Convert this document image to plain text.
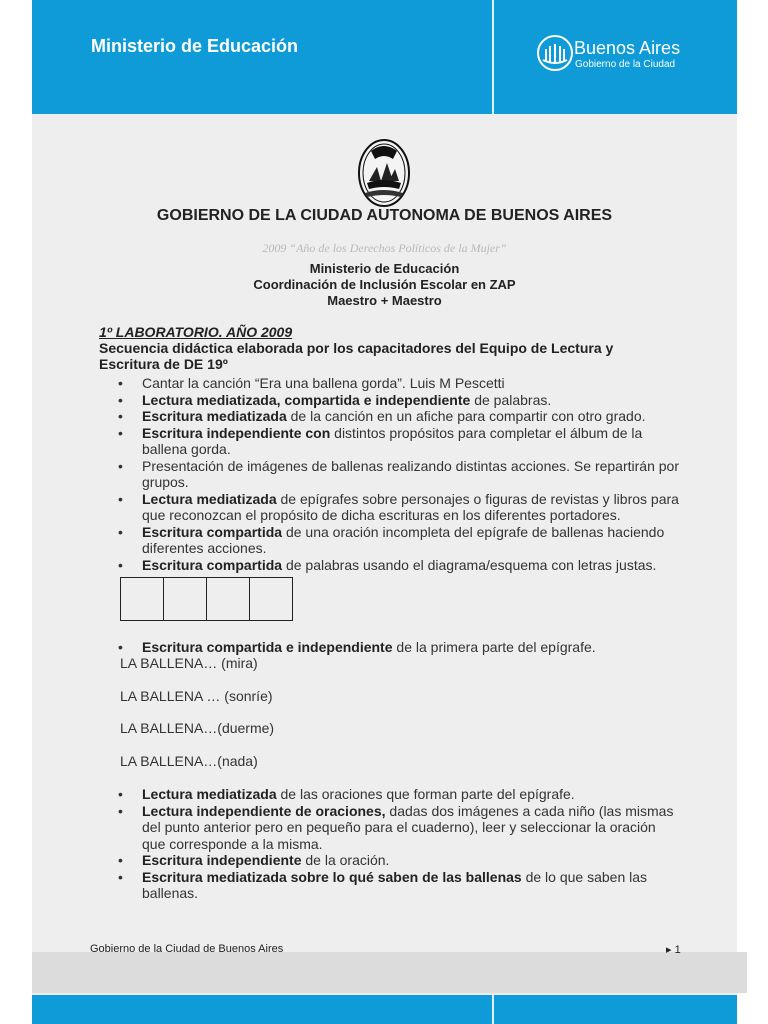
Ministerio de Educación	Buenos Aires
Gobierno de la Ciudad
GOBIERNO DE LA CIUDAD AUTONOMA DE BUENOS AIRES
2009 “Año de los Derechos Políticos de la Mujer”
Ministerio de Educación
Coordinación de Inclusión Escolar en ZAP
Maestro + Maestro
1º LABORATORIO. AÑO 2009
Secuencia didáctica elaborada por los capacitadores del Equipo de Lectura y Escritura de DE 19º
• Cantar la canción “Era una ballena gorda”. Luis M Pescetti
• Lectura mediatizada, compartida e independiente de palabras.
• Escritura mediatizada de la canción en un afiche para compartir con otro grado.
• Escritura independiente con distintos propósitos para completar el álbum de la ballena gorda.
• Presentación de imágenes de ballenas realizando distintas acciones. Se repartirán por grupos.
• Lectura mediatizada de epígrafes sobre personajes o figuras de revistas y libros para que reconozcan el propósito de dicha escrituras en los diferentes portadores.
• Escritura compartida de una oración incompleta del epígrafe de ballenas haciendo diferentes acciones.
• Escritura compartida de palabras usando el diagrama/esquema con letras justas.
• Escritura compartida e independiente de la primera parte del epígrafe.
LA BALLENA… (mira)
LA BALLENA … (sonríe)
LA BALLENA…(duerme)
LA BALLENA…(nada)
• Lectura mediatizada de las oraciones que forman parte del epígrafe.
• Lectura independiente de oraciones, dadas dos imágenes a cada niño (las mismas del punto anterior pero en pequeño para el cuaderno), leer y seleccionar la oración que corresponde a la misma.
• Escritura independiente de la oración.
• Escritura mediatizada sobre lo qué saben de las ballenas de lo que saben las ballenas.
Gobierno de la Ciudad de Buenos Aires	▸ 1
